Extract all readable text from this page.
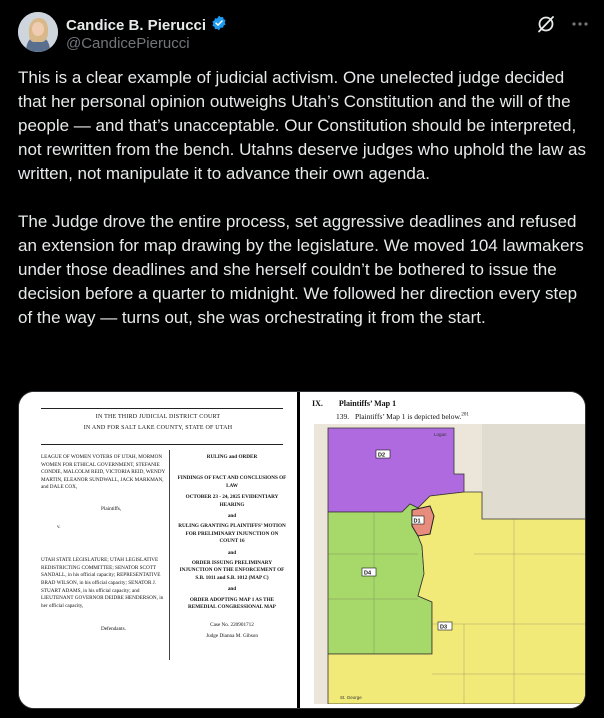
Candice B. Pierucci
@CandicePierucci

This is a clear example of judicial activism. One unelected judge decided that her personal opinion outweighs Utah’s Constitution and the will of the people — and that’s unacceptable. Our Constitution should be interpreted, not rewritten from the bench. Utahns deserve judges who uphold the law as written, not manipulate it to advance their own agenda.

The Judge drove the entire process, set aggressive deadlines and refused an extension for map drawing by the legislature. We moved 104 lawmakers under those deadlines and she herself couldn’t be bothered to issue the decision before a quarter to midnight. We followed her direction every step of the way — turns out, she was orchestrating it from the start.

IN THE THIRD JUDICIAL DISTRICT COURT
IN AND FOR SALT LAKE COUNTY, STATE OF UTAH
LEAGUE OF WOMEN VOTERS OF UTAH, MORMON WOMEN FOR ETHICAL GOVERNMENT, STEFANIE CONDIE, MALCOLM REID, VICTORIA REID, WENDY MARTIN, ELEANOR SUNDWALL, JACK MARKMAN, and DALE COX,
Plaintiffs,
v.
UTAH STATE LEGISLATURE; UTAH LEGISLATIVE REDISTRICTING COMMITTEE; SENATOR SCOTT SANDALL, in his official capacity; REPRESENTATIVE BRAD WILSON, in his official capacity; SENATOR J. STUART ADAMS, in his official capacity; and LIEUTENANT GOVERNOR DEIDRE HENDERSON, in her official capacity,
Defendants.
RULING and ORDER
FINDINGS OF FACT AND CONCLUSIONS OF LAW
OCTOBER 23 - 24, 2025 EVIDENTIARY HEARING
and
RULING GRANTING PLAINTIFFS’ MOTION FOR PRELIMINARY INJUNCTION ON COUNT 16
and
ORDER ISSUING PRELIMINARY INJUNCTION ON THE ENFORCEMENT OF S.B. 1011 and S.B. 1012 (MAP C)
and
ORDER ADOPTING MAP 1 AS THE REMEDIAL CONGRESSIONAL MAP
Case No. 220901712
Judge Dianna M. Gibson
IX. Plaintiffs’ Map 1
139. Plaintiffs’ Map 1 is depicted below.$^{201}$
D2
D1
D4
D3
Logan
St. George
